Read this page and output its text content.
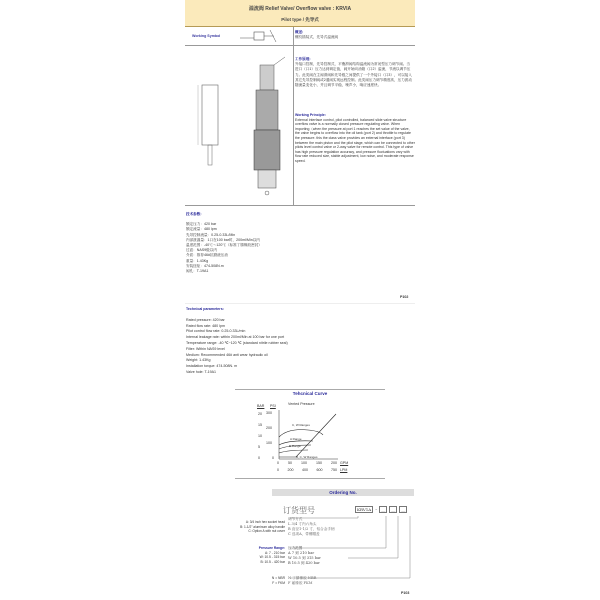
溢流阀 Relief Valve/ Overflow valve : KRVIA
Pilot type / 先导式
Working Symbol
概述:
螺纹插装式，先导式溢流阀
工作原理:
外接口控制，先导控制式，平衡滑阀结构溢流阀为常闭型压力调节阀。当进口（口1）压力达到调定值，阀开始向油箱（口2）溢流，节流以调节压力。此类阀在主阀滑阀和先导级之间提供了一个外接口（口3），可以接入其它先导控制阀或2通阀实现远程控制。此类阀压力调节精度高，压力波动随流量变化小，并且调节平稳，噪声小，响应速度快。
Working Principle:
External interface control, pilot controlled, balanced slide valve structure overflow valve is a normally closed pressure regulating valve. When importing（when the pressure at port 1 reaches the set value of the valve, the valve begins to overflow into the oil tank (port 2) and throttle to regulate the pressure. this the class valve provides an external interface (port 3) between the main piston and the pilot stage, which can be connected to other pilots level control valve or 2-way valve for remote control. This type of valve has high pressure regulation accuracy, and pressure fluctuations vary with flow rate reduced size, stable adjustment, low noise, and moderate response speed.
技术参数:
额定压力：420 bar
额定流量：480 lpm
先导控制流量：0.25-0.33L/Min
内部泄漏量：1口在100 bar时，200ml/Min以内
温度范围：-40℃～120℃（标准丁腈橡胶密封）
过滤：NAS9级以内
介质：推荐46#抗磨液压油
重量：1.43Kg
安装扭矩：474-508N.m
阀孔：T-19A1
P102
Technical parameters:
Rated pressure: 420 bar
Rated flow rate: 480 lpm
Pilot control flow rate: 0.25-0.33L/min
Internal leakage rate: within 200ml/Min at 100 bar for one port
Temperature range: -40 ℃~120 ℃ (standard nitrile rubber seal)
Filter: Within NAS9 level
Medium: Recommended 46# anti wear hydraulic oil
Weight: 1.43Kg
Installation torque: 474-508N. m
Valve hole: T-19A1
Tehcnical Curve
Vented Pressure
BAR PSI
300
200
100
0
20
15
10
5
0
C, W Ranges
A Range
B Range
B, C, W Ranges
0	50	100	150	200
0 200 400 600 750
GPM
LPM
Ordering No.
订货型号	KRV1A	–	__	__	__
A: 3/4 inch hex socket head
B: 1-1/2" aluminum alloy handle
C: Option A with nut cover
调节方式
L 3/4 寸内六角头
B 直径1-1/2 寸，铝合金手柄
C 选项A，带螺帽盖
Pressure Range:
A: 7 - 210 bar
W: 10.5 - 315 bar
B: 10.5 - 420 bar
压力范围
A 7 到 210 bar
W 10.5 到 315 bar
B 10.5 到 420 bar
N = NBR
F = FKM
N 丁腈橡胶 NBR
F 氟橡胶 FKM
P103
